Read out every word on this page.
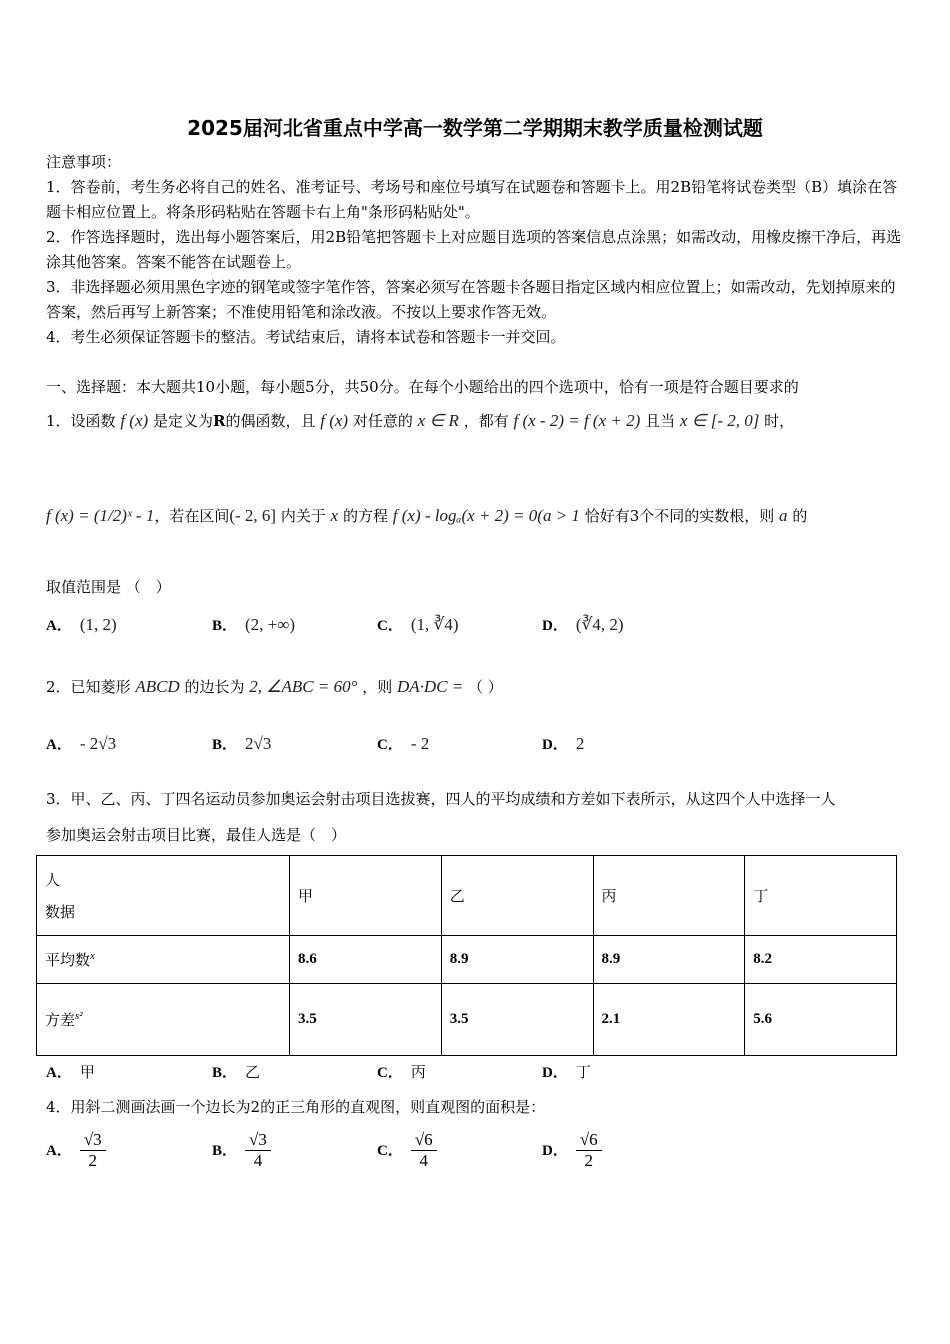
2025届河北省重点中学高一数学第二学期期末教学质量检测试题
注意事项：
1．答卷前，考生务必将自己的姓名、准考证号、考场号和座位号填写在试题卷和答题卡上。用2B铅笔将试卷类型（B）填涂在答题卡相应位置上。将条形码粘贴在答题卡右上角"条形码粘贴处"。
2．作答选择题时，选出每小题答案后，用2B铅笔把答题卡上对应题目选项的答案信息点涂黑；如需改动，用橡皮擦干净后，再选涂其他答案。答案不能答在试题卷上。
3．非选择题必须用黑色字迹的钢笔或签字笔作答，答案必须写在答题卡各题目指定区域内相应位置上；如需改动，先划掉原来的答案，然后再写上新答案；不准使用铅笔和涂改液。不按以上要求作答无效。
4．考生必须保证答题卡的整洁。考试结束后，请将本试卷和答题卡一并交回。
一、选择题：本大题共10小题，每小题5分，共50分。在每个小题给出的四个选项中，恰有一项是符合题目要求的
1．设函数 f (x) 是定义为R的偶函数，且 f (x) 对任意的 x ∈ R ，都有 f (x - 2) = f (x + 2) 且当 x ∈ [- 2, 0] 时，
f (x) = (1/2)ˣ - 1，若在区间(- 2, 6] 内关于 x 的方程 f (x) - logₐ(x + 2) = 0(a > 1 恰好有3个不同的实数根，则 a 的
取值范围是 （　）
A． (1, 2)	B． (2, +∞)	C． (1, ∛4)	D． (∛4, 2)
2．已知菱形 ABCD 的边长为 2, ∠ABC = 60° ，则 DA·DC = （ ）
A． - 2√3	B． 2√3	C． - 2	D． 2
3．甲、乙、丙、丁四名运动员参加奥运会射击项目选拔赛，四人的平均成绩和方差如下表所示，从这四个人中选择一人
参加奥运会射击项目比赛，最佳人选是（　）
人
数据	甲	乙	丙	丁
平均数$^x$	8.6	8.9	8.9	8.2
方差$^{s^2}$	3.5	3.5	2.1	5.6
A． 甲	B． 乙	C． 丙	D． 丁
4．用斜二测画法画一个边长为2的正三角形的直观图，则直观图的面积是：
A． $\frac{√3}{2}$	B． $\frac{√3}{4}$	C． $\frac{√6}{4}$	D． $\frac{√6}{2}$
